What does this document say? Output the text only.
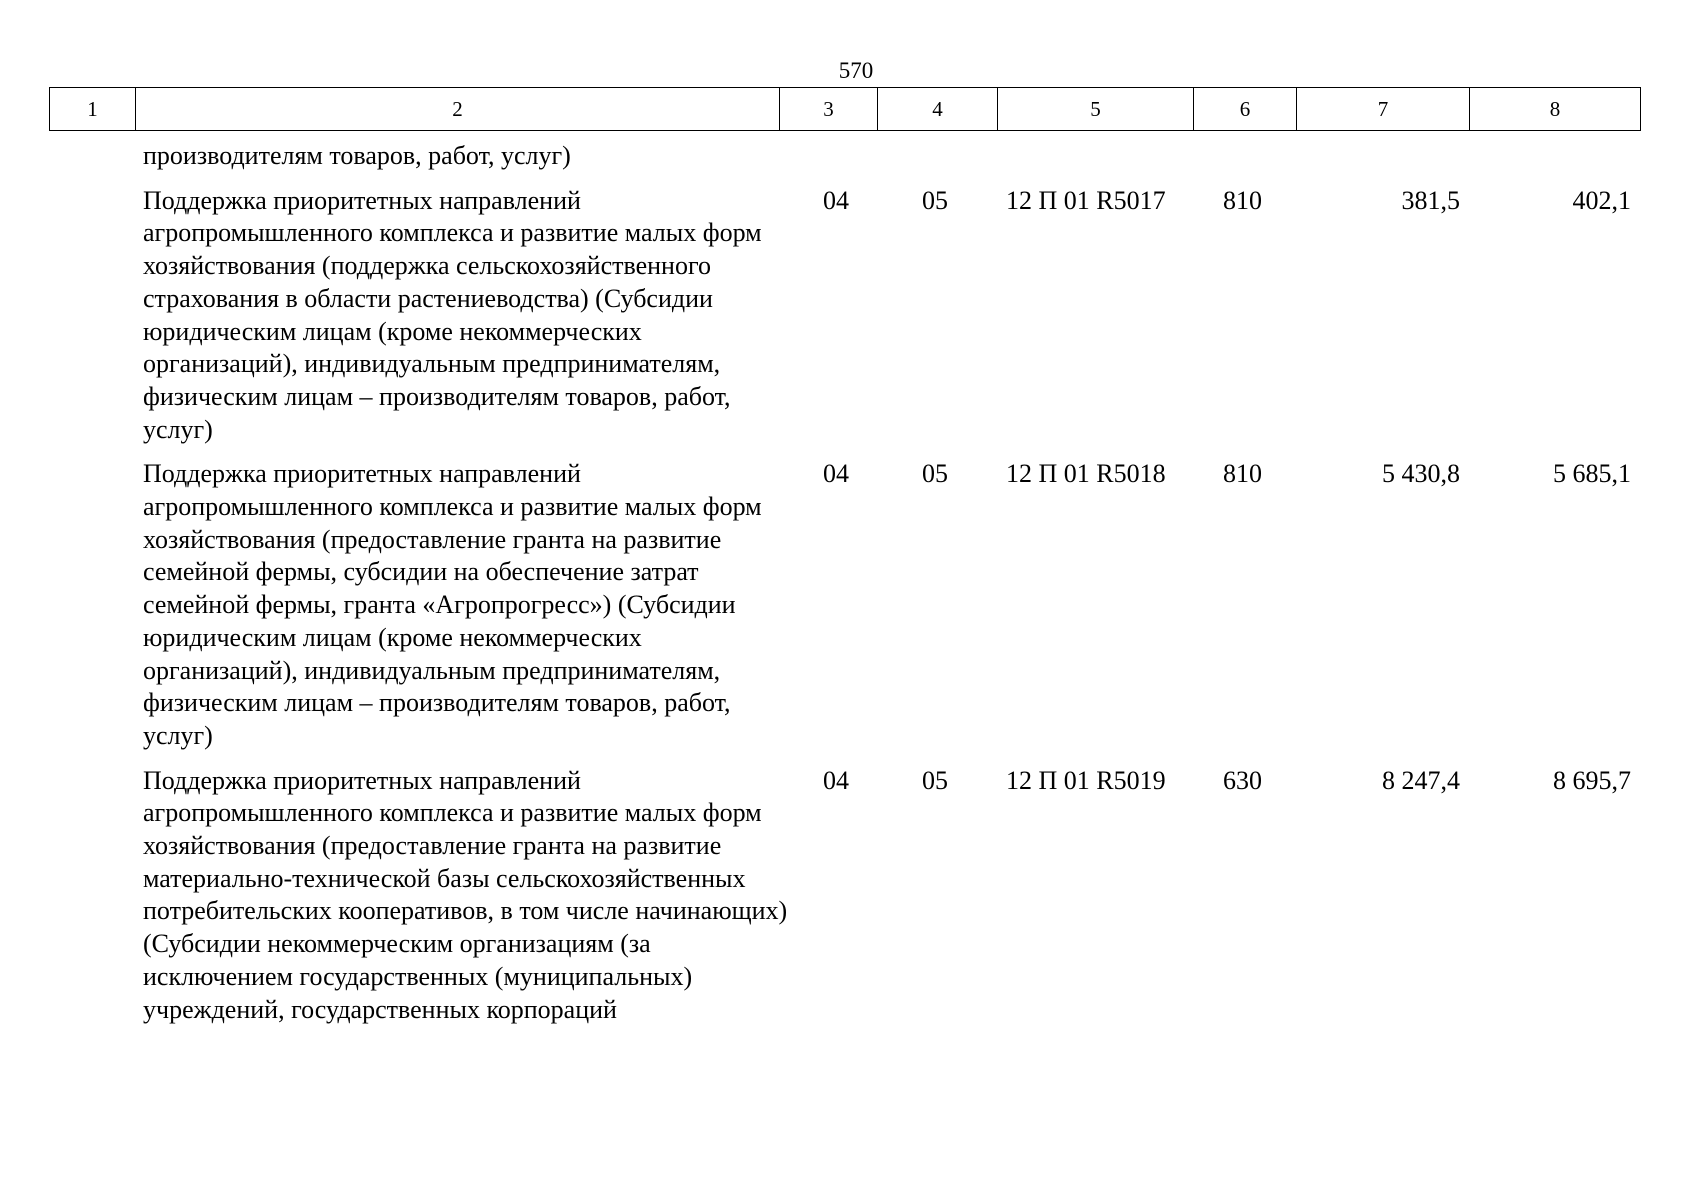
570
1	2	3	4	5	6	7	8
производителям товаров, работ, услуг)						

Поддержка приоритетных направлений агропромышленного комплекса и развитие малых форм хозяйствования (поддержка сельскохозяйственного страхования в области растениеводства) (Субсидии юридическим лицам (кроме некоммерческих организаций), индивидуальным предпринимателям, физическим лицам – производителям товаров, работ, услуг)	04	05	12 П 01 R5017	810	381,5	402,1

Поддержка приоритетных направлений агропромышленного комплекса и развитие малых форм хозяйствования (предоставление гранта на развитие семейной фермы, субсидии на обеспечение затрат семейной фермы, гранта «Агропрогресс») (Субсидии юридическим лицам (кроме некоммерческих организаций), индивидуальным предпринимателям, физическим лицам – производителям товаров, работ, услуг)	04	05	12 П 01 R5018	810	5 430,8	5 685,1

Поддержка приоритетных направлений агропромышленного комплекса и развитие малых форм хозяйствования (предоставление гранта на развитие материально-технической базы сельскохозяйственных потребительских кооперативов, в том числе начинающих) (Субсидии некоммерческим организациям (за исключением государственных (муниципальных) учреждений, государственных корпораций	04	05	12 П 01 R5019	630	8 247,4	8 695,7
